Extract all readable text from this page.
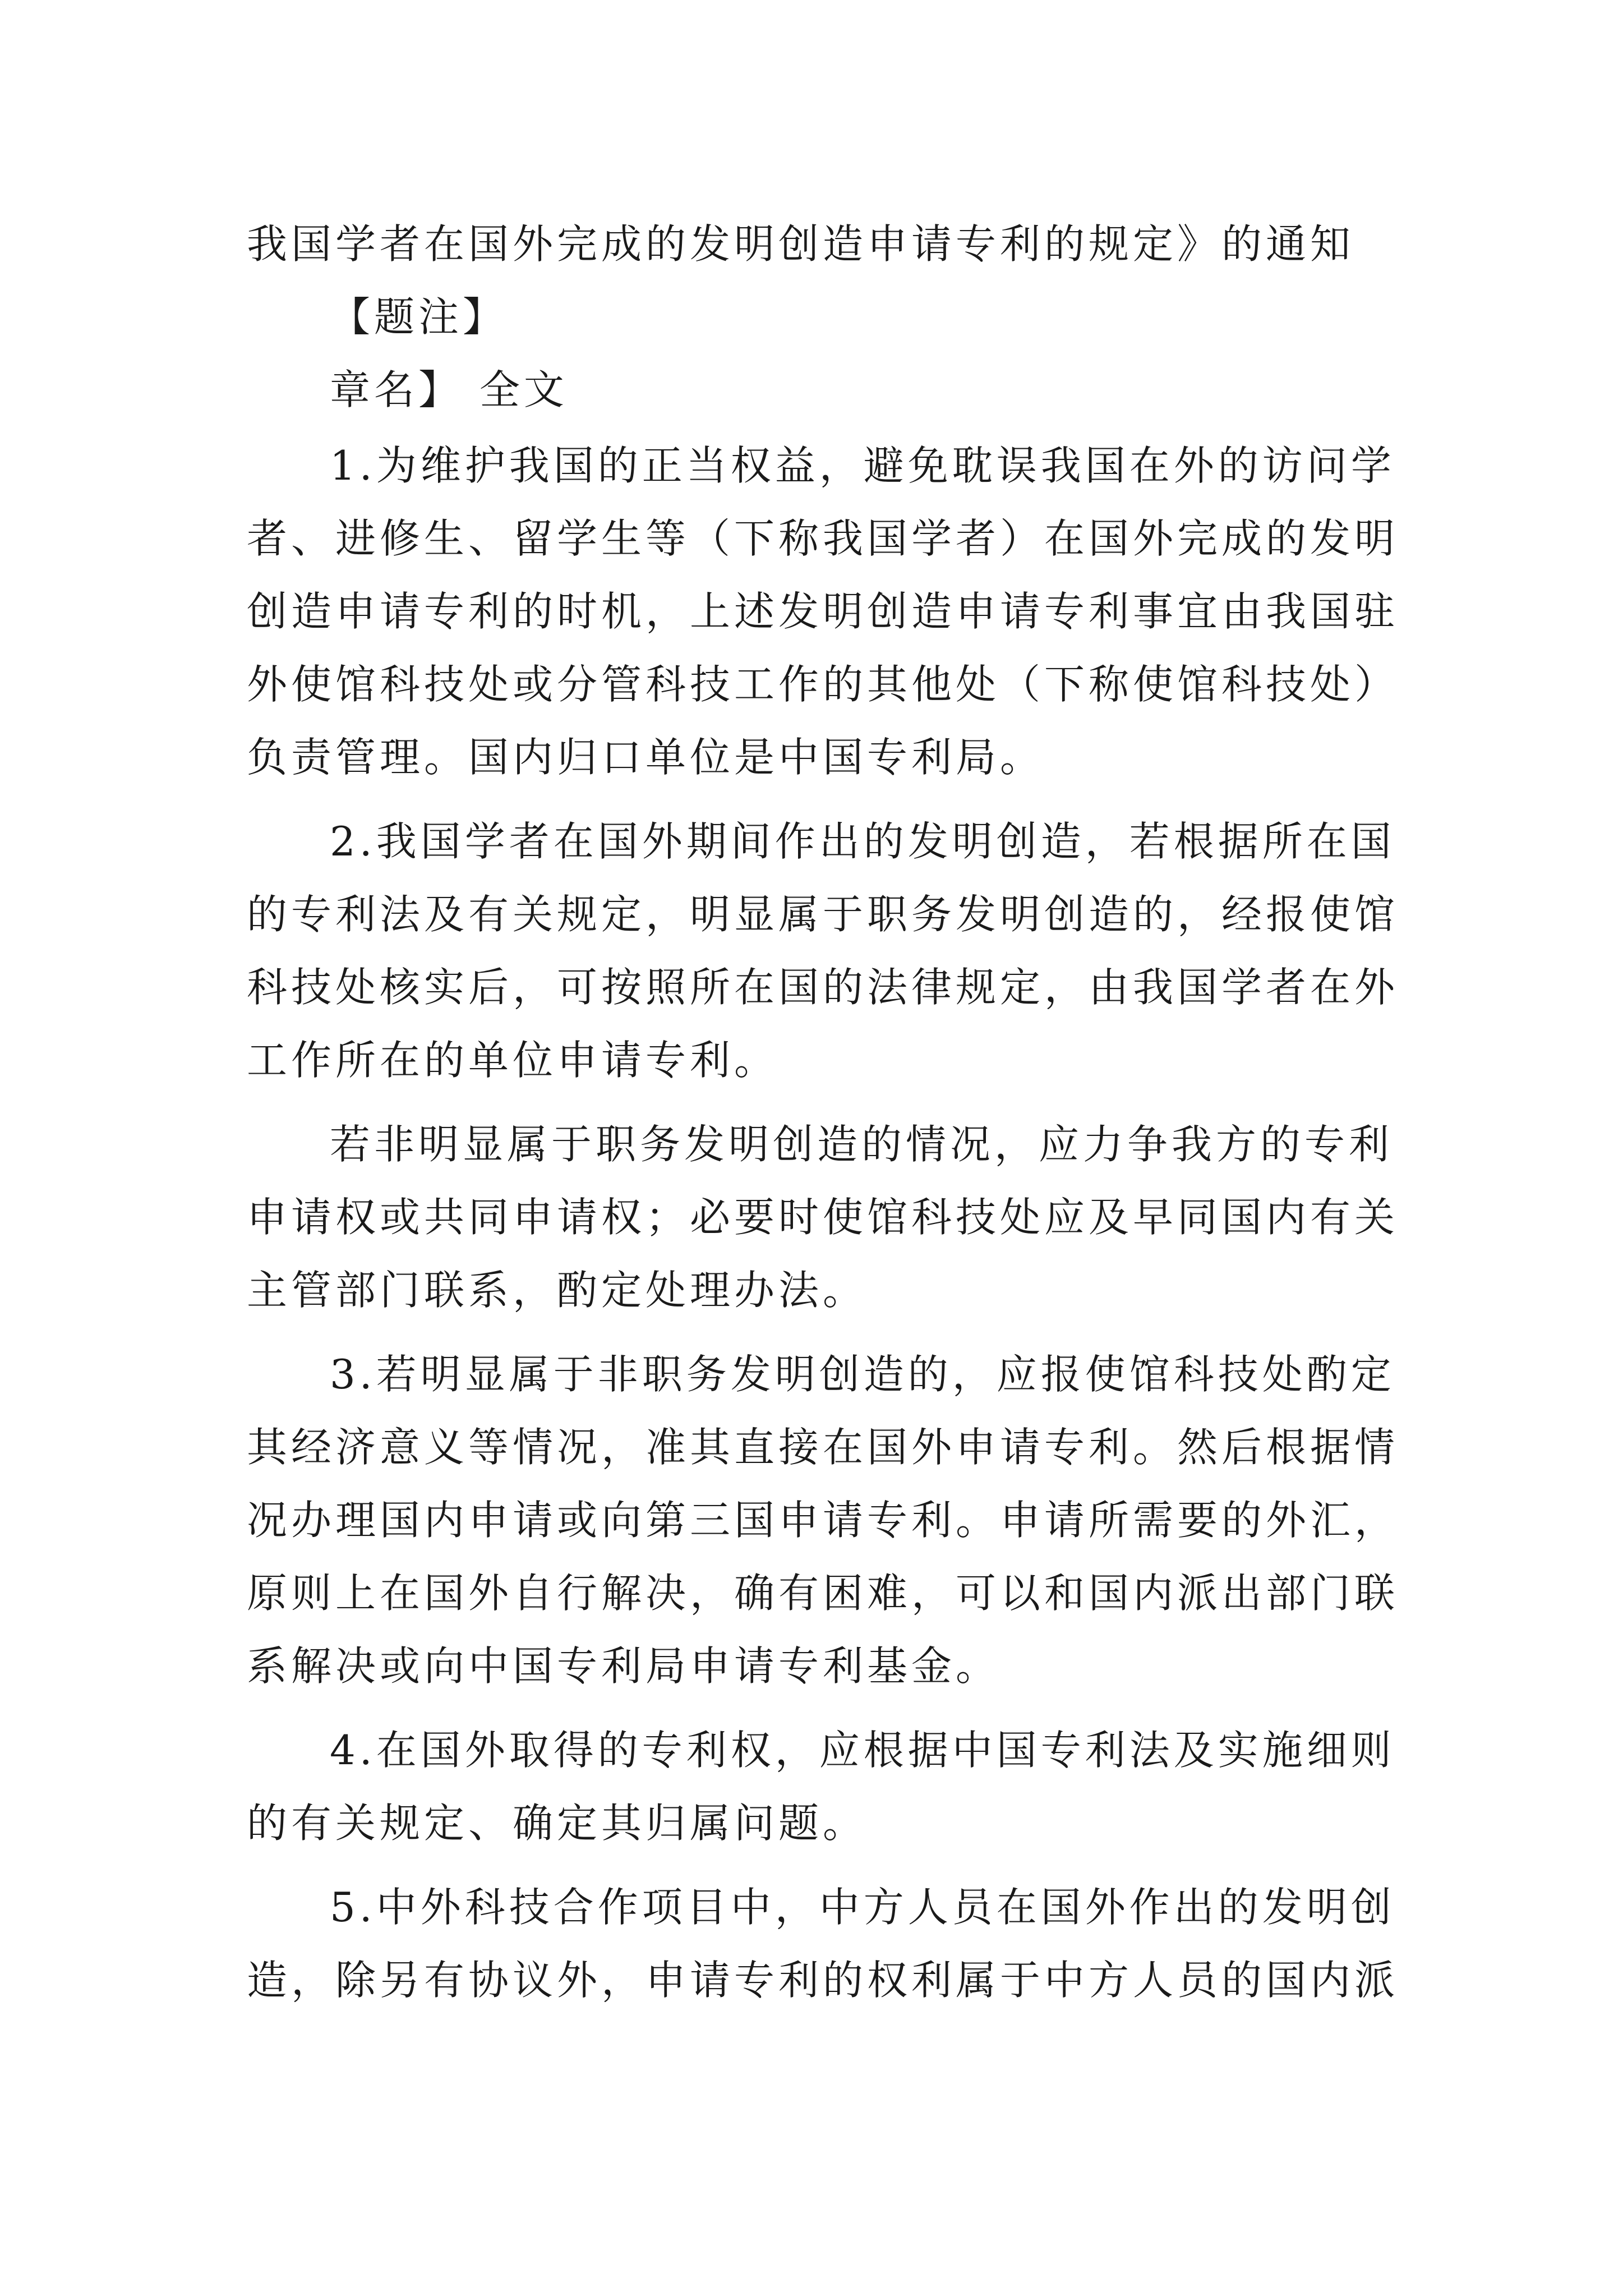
我国学者在国外完成的发明创造申请专利的规定》的通知

【题注】

章名】 全文

1.为维护我国的正当权益，避免耽误我国在外的访问学

者、进修生、留学生等（下称我国学者）在国外完成的发明

创造申请专利的时机，上述发明创造申请专利事宜由我国驻

外使馆科技处或分管科技工作的其他处（下称使馆科技处）

负责管理。国内归口单位是中国专利局。

2.我国学者在国外期间作出的发明创造，若根据所在国

的专利法及有关规定，明显属于职务发明创造的，经报使馆

科技处核实后，可按照所在国的法律规定，由我国学者在外

工作所在的单位申请专利。

若非明显属于职务发明创造的情况，应力争我方的专利

申请权或共同申请权；必要时使馆科技处应及早同国内有关

主管部门联系，酌定处理办法。

3.若明显属于非职务发明创造的，应报使馆科技处酌定

其经济意义等情况，准其直接在国外申请专利。然后根据情

况办理国内申请或向第三国申请专利。申请所需要的外汇，

原则上在国外自行解决，确有困难，可以和国内派出部门联

系解决或向中国专利局申请专利基金。

4.在国外取得的专利权，应根据中国专利法及实施细则

的有关规定、确定其归属问题。

5.中外科技合作项目中，中方人员在国外作出的发明创

造，除另有协议外，申请专利的权利属于中方人员的国内派
